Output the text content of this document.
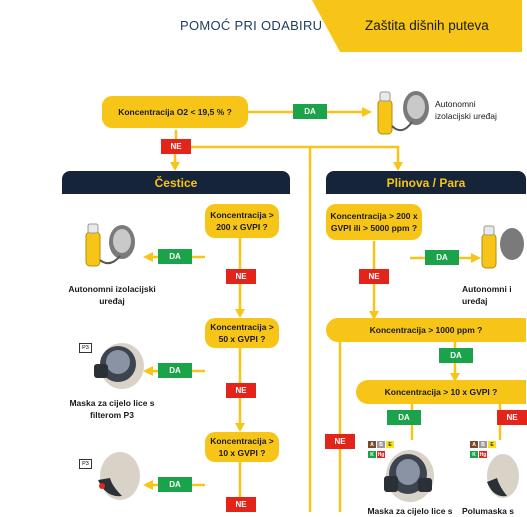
POMOĆ PRI ODABIRU	Zaštita dišnih puteva
Koncentracija O2 < 19,5 % ?	DA
NE
Autonomni izolacijski uređaj
Čestice	Plinova / Para
Koncentracija > 200 x GVPI ?
DA
NE
Autonomni izolacijski uređaj
Koncentracija > 50 x GVPI ?
DA
NE
P3
Maska za cijelo lice s filterom P3
Koncentracija > 10 x GVPI ?
DA
NE
P3
Koncentracija > 200 x GVPI ili > 5000 ppm ?
DA
NE
Autonomni i uređaj
Koncentracija > 1000 ppm ?
DA
NE
Koncentracija > 10 x GVPI ?
DA	NE
A	B	E
K Hg
A	B	E
K Hg
Maska za cijelo lice s	Polumaska s
